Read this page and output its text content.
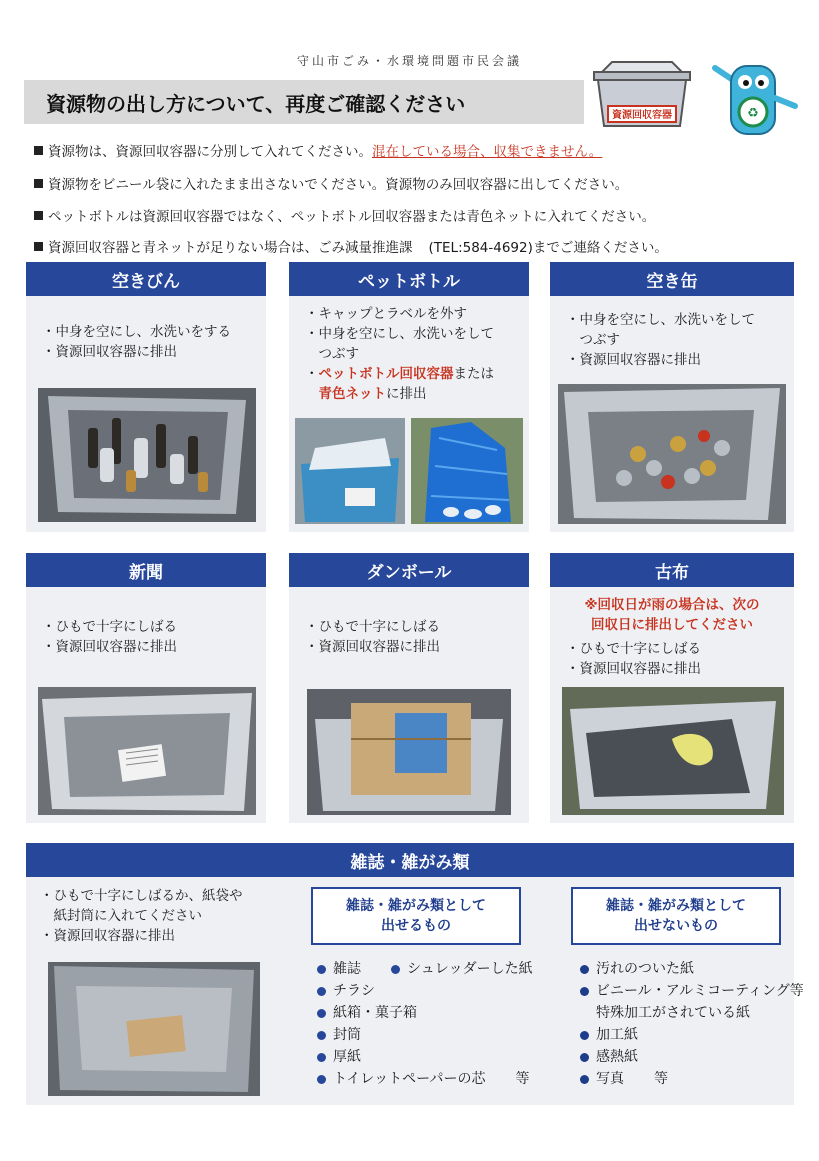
守山市ごみ・水環境問題市民会議
資源物の出し方について、再度ご確認ください	資源回収容器	♻
資源物は、資源回収容器に分別して入れてください。混在している場合、収集できません。
資源物をビニール袋に入れたまま出さないでください。資源物のみ回収容器に出してください。
ペットボトルは資源回収容器ではなく、ペットボトル回収容器または青色ネットに入れてください。
資源回収容器と青ネットが足りない場合は、ごみ減量推進課 (TEL:584-4692)までご連絡ください。
空きびん

・中身を空にし、水洗いをする

・資源回収容器に排出

ペットボトル

・キャップとラベルを外す

・中身を空にし、水洗いをして

　つぶす

・ペットボトル回収容器または

　青色ネットに排出

空き缶

・中身を空にし、水洗いをして

　つぶす

・資源回収容器に排出

新聞

・ひもで十字にしばる

・資源回収容器に排出

ダンボール

・ひもで十字にしばる

・資源回収容器に排出

古布

※回収日が雨の場合は、次の

回収日に排出してください

・ひもで十字にしばる

・資源回収容器に排出

雑誌・雑がみ類

・ひもで十字にしばるか、紙袋や

　紙封筒に入れてください

・資源回収容器に排出

雑誌・雑がみ類として
出せるもの
雑誌	シュレッダーした紙
チラシ
紙箱・菓子箱
封筒
厚紙
トイレットペーパーの芯 等
雑誌・雑がみ類として
出せないもの
汚れのついた紙
ビニール・アルミコーティング等
特殊加工がされている紙
加工紙
感熱紙
写真 等
